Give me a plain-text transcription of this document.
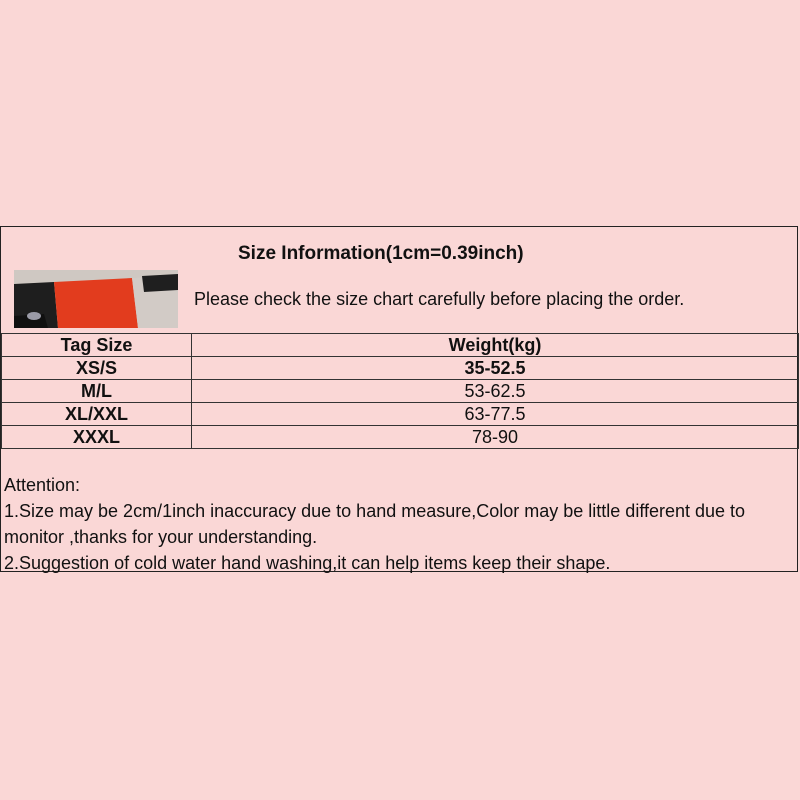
Size Information(1cm=0.39inch)
Please check the size chart carefully before placing the order.
Tag Size	Weight(kg)
XS/S	35-52.5
M/L	53-62.5
XL/XXL	63-77.5
XXXL	78-90
Attention:
1.Size may be 2cm/1inch inaccuracy due to hand measure,Color may be little different due to monitor ,thanks for your understanding.
2.Suggestion of cold water hand washing,it can help items keep their shape.
